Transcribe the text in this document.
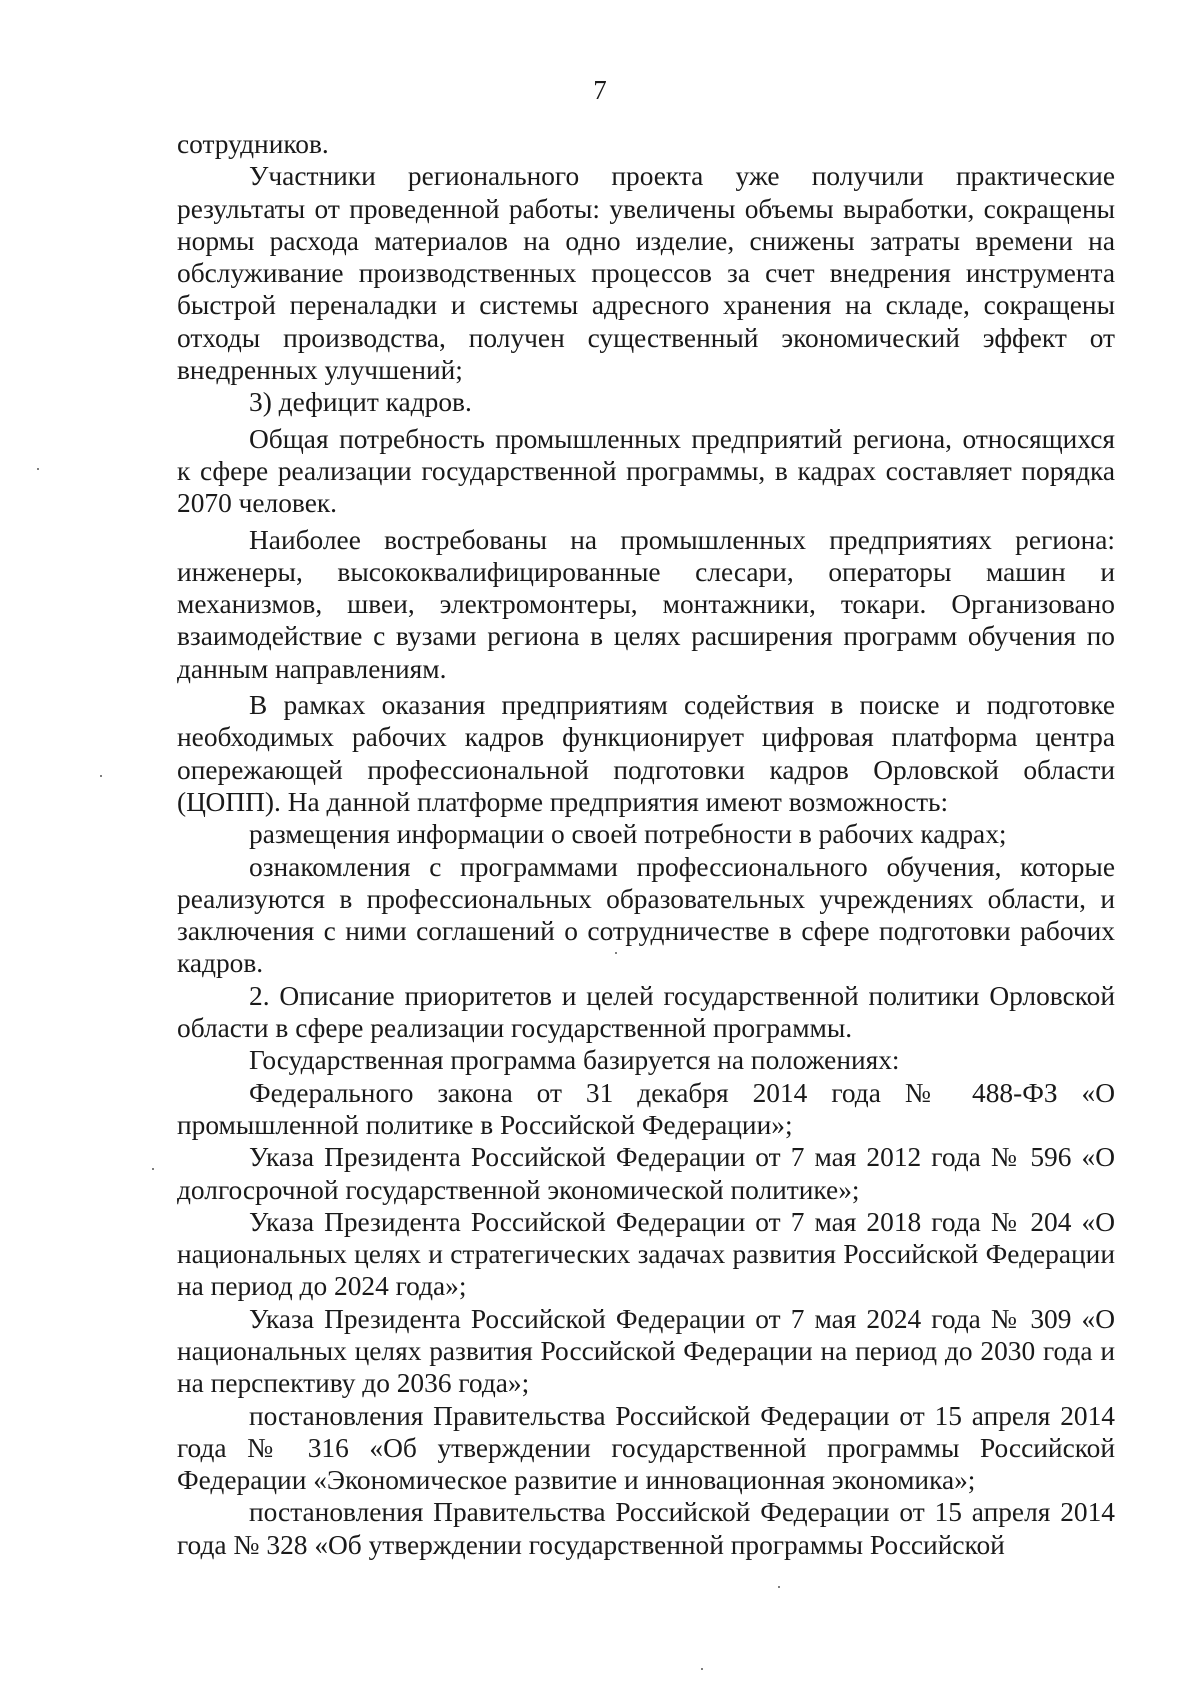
7

сотрудников.

Участники регионального проекта уже получили практические результаты от проведенной работы: увеличены объемы выработки, сокращены нормы расхода материалов на одно изделие, снижены затраты времени на обслуживание производственных процессов за счет внедрения инструмента быстрой переналадки и системы адресного хранения на складе, сокращены отходы производства, получен существенный экономический эффект от внедренных улучшений;

3) дефицит кадров.

Общая потребность промышленных предприятий региона, относящихся к сфере реализации государственной программы, в кадрах составляет порядка 2070 человек.

Наиболее востребованы на промышленных предприятиях региона: инженеры, высококвалифицированные слесари, операторы машин и механизмов, швеи, электромонтеры, монтажники, токари. Организовано взаимодействие с вузами региона в целях расширения программ обучения по данным направлениям.

В рамках оказания предприятиям содействия в поиске и подготовке необходимых рабочих кадров функционирует цифровая платформа центра опережающей профессиональной подготовки кадров Орловской области (ЦОПП). На данной платформе предприятия имеют возможность:

размещения информации о своей потребности в рабочих кадрах;

ознакомления с программами профессионального обучения, которые реализуются в профессиональных образовательных учреждениях области, и заключения с ними соглашений о сотрудничестве в сфере подготовки рабочих кадров.

2. Описание приоритетов и целей государственной политики Орловской области в сфере реализации государственной программы.

Государственная программа базируется на положениях:

Федерального закона от 31 декабря 2014 года № 488-ФЗ «О промышленной политике в Российской Федерации»;

Указа Президента Российской Федерации от 7 мая 2012 года № 596 «О долгосрочной государственной экономической политике»;

Указа Президента Российской Федерации от 7 мая 2018 года № 204 «О национальных целях и стратегических задачах развития Российской Федерации на период до 2024 года»;

Указа Президента Российской Федерации от 7 мая 2024 года № 309 «О национальных целях развития Российской Федерации на период до 2030 года и на перспективу до 2036 года»;

постановления Правительства Российской Федерации от 15 апреля 2014 года № 316 «Об утверждении государственной программы Российской Федерации «Экономическое развитие и инновационная экономика»;

постановления Правительства Российской Федерации от 15 апреля 2014 года № 328 «Об утверждении государственной программы Российской
